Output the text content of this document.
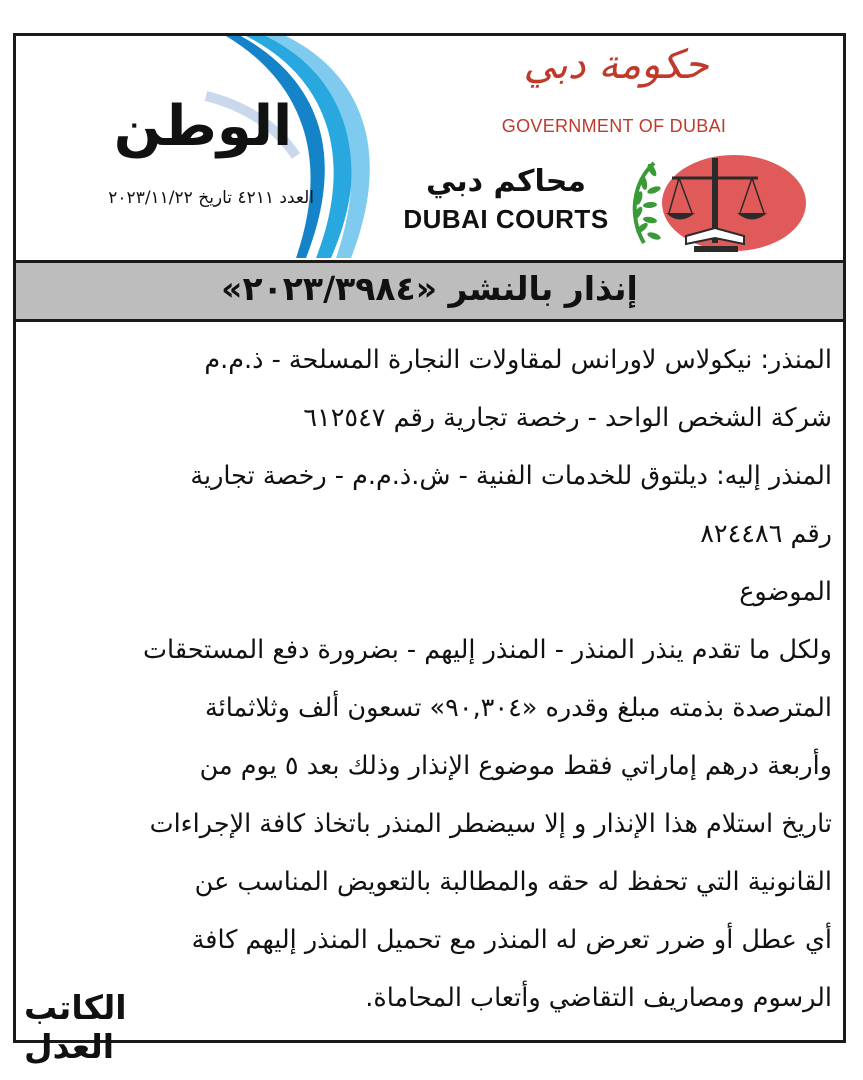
الوطن
العدد ٤٢١١ تاريخ ٢٠٢٣/١١/٢٢
حكومة دبي
GOVERNMENT OF DUBAI
محاكم دبي
DUBAI COURTS
إنذار بالنشر «٢٠٢٣/٣٩٨٤»
المنذر: نيكولاس لاورانس لمقاولات النجارة المسلحة - ذ.م.م
شركة الشخص الواحد - رخصة تجارية رقم ٦١٢٥٤٧
المنذر إليه: ديلتوق للخدمات الفنية - ش.ذ.م.م - رخصة تجارية
رقم ٨٢٤٤٨٦
الموضوع
ولكل ما تقدم ينذر المنذر - المنذر إليهم - بضرورة دفع المستحقات
المترصدة بذمته مبلغ وقدره «٩٠,٣٠٤» تسعون ألف وثلاثمائة
وأربعة درهم إماراتي فقط موضوع الإنذار وذلك بعد ٥ يوم من
تاريخ استلام هذا الإنذار و إلا سيضطر المنذر باتخاذ كافة الإجراءات
القانونية التي تحفظ له حقه والمطالبة بالتعويض المناسب عن
أي عطل أو ضرر تعرض له المنذر مع تحميل المنذر إليهم كافة
الرسوم ومصاريف التقاضي وأتعاب المحاماة.
الكاتب العدل
